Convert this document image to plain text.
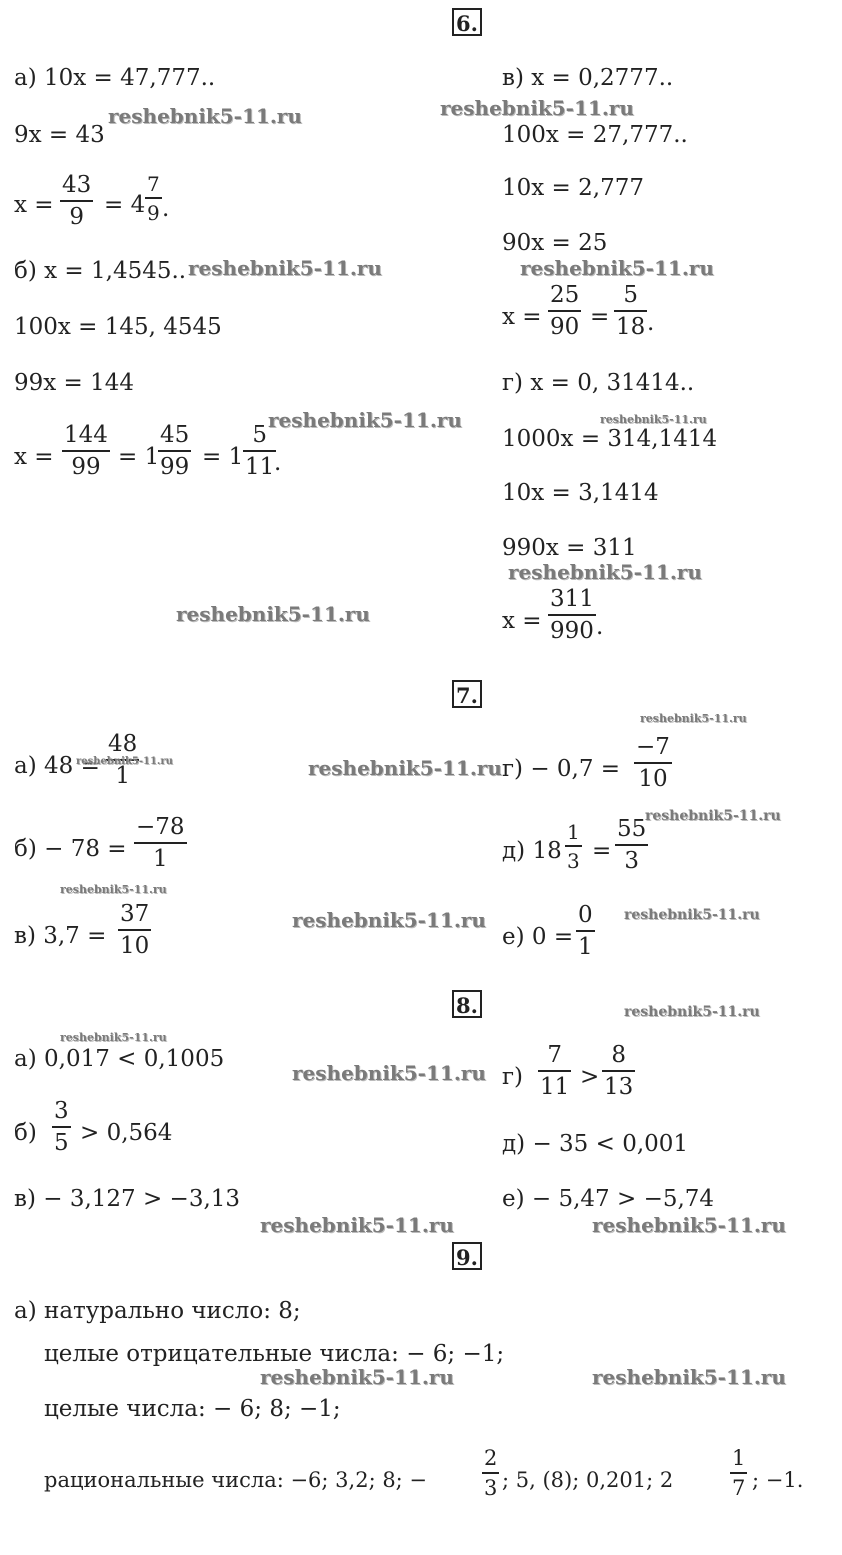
6.
а) 10x = 47,777..
9x = 43
x =
43
9 = 4
7
9 .
б) x = 1,4545..
100x = 145, 4545
99x = 144
x =
144
99 = 1
45
99 = 1
5
11 .
в) x = 0,2777..
100x = 27,777..
10x = 2,777
90x = 25
x =
25
90 =
5
18 .
г) x = 0, 31414..
1000x = 314,1414
10x = 3,1414
990x = 311
x =
311
990 .
7.
а) 48 =
48
1
б) − 78 =
−78
1
в) 3,7 =
37
10
г) − 0,7 =
−7
10
д) 18
1
3 =
55
3
е) 0 =
0
1
8.
а) 0,017 < 0,1005
б)
3
5 > 0,564
в) − 3,127 > −3,13
г)
7
11 >
8
13
д) − 35 < 0,001
е) − 5,47 > −5,74
9.
а) натурально число: 8;
целые отрицательные числа: − 6; −1;
целые числа: − 6; 8; −1;
рациональные числа: −6; 3,2; 8; −
2
3 ; 5, (8); 0,201; 2
1
7 ; −1.
reshebnik5-11.ru	reshebnik5-11.ru
reshebnik5-11.ru	reshebnik5-11.ru
reshebnik5-11.ru	reshebnik5-11.ru
reshebnik5-11.ru
reshebnik5-11.ru
reshebnik5-11.ru
reshebnik5-11.ru	reshebnik5-11.ru
reshebnik5-11.ru
reshebnik5-11.ru
reshebnik5-11.ru	reshebnik5-11.ru
reshebnik5-11.ru
reshebnik5-11.ru
reshebnik5-11.ru
reshebnik5-11.ru	reshebnik5-11.ru
reshebnik5-11.ru	reshebnik5-11.ru
